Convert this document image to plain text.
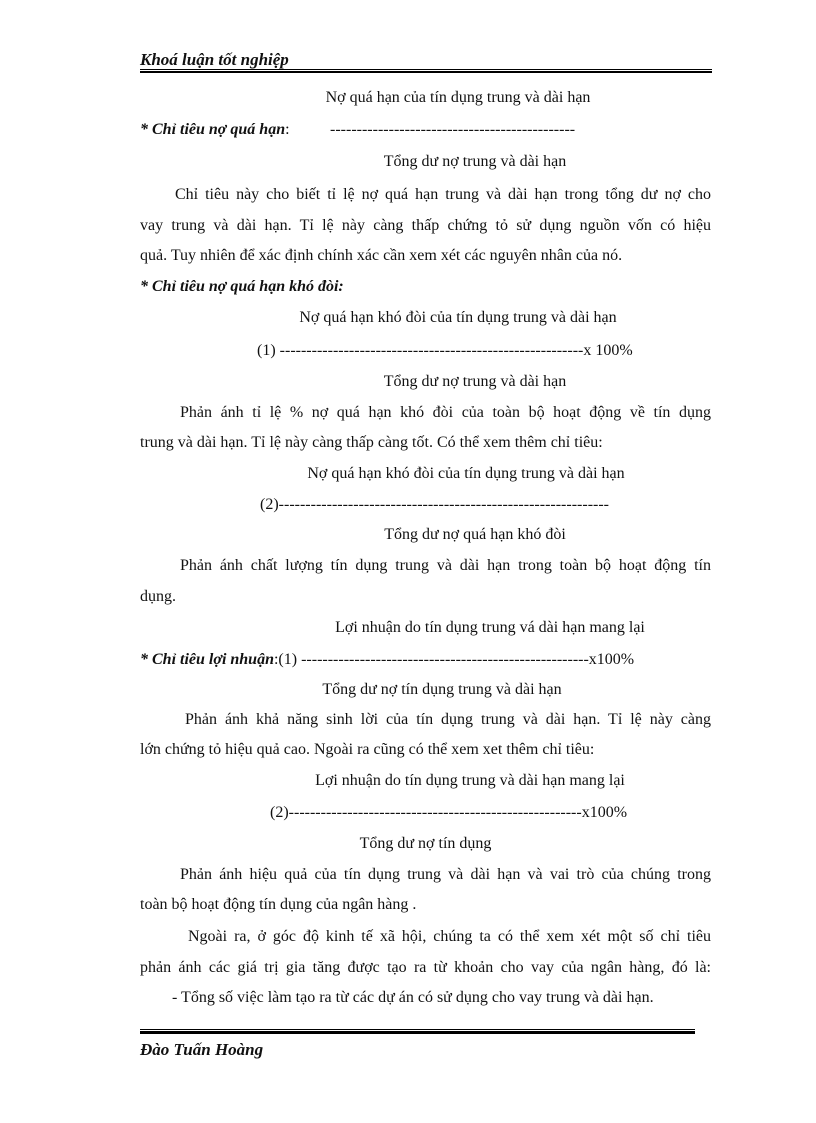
Khoá luận tốt nghiệp
Nợ quá hạn của tín dụng trung và dài hạn
* Chỉ tiêu nợ quá hạn:	----------------------------------------------
Tổng dư nợ trung và dài hạn
Chỉ tiêu này cho biết tỉ lệ nợ quá hạn trung và dài hạn trong tổng dư nợ cho
vay trung và dài hạn. Tỉ lệ này càng thấp chứng tỏ sử dụng nguồn vốn có hiệu
quả. Tuy nhiên để xác định chính xác cần xem xét các nguyên nhân của nó.
* Chỉ tiêu nợ quá hạn khó đòi:
Nợ quá hạn khó đòi của tín dụng trung và dài hạn
(1) ---------------------------------------------------------x 100%
Tổng dư nợ trung và dài hạn
Phản ánh tỉ lệ % nợ quá hạn khó đòi của toàn bộ hoạt động về tín dụng
trung và dài hạn. Tỉ lệ này càng thấp càng tốt. Có thể xem thêm chỉ tiêu:
Nợ quá hạn khó đòi của tín dụng trung và dài hạn
(2)--------------------------------------------------------------
Tổng dư nợ quá hạn khó đòi
Phản ánh chất lượng tín dụng trung và dài hạn trong toàn bộ hoạt động tín
dụng.
Lợi nhuận do tín dụng trung vá dài hạn mang lại
* Chỉ tiêu lợi nhuận:(1) ------------------------------------------------------x100%
Tổng dư nợ tín dụng trung và dài hạn
Phản ánh khả năng sinh lời của tín dụng trung và dài hạn. Tỉ lệ này càng
lớn chứng tỏ hiệu quả cao. Ngoài ra cũng có thể xem xet thêm chỉ tiêu:
Lợi nhuận do tín dụng trung và dài hạn mang lại
(2)-------------------------------------------------------x100%
Tổng dư nợ tín dụng
Phản ánh hiệu quả của tín dụng trung và dài hạn và vai trò của chúng trong
toàn bộ hoạt động tín dụng của ngân hàng .
Ngoài ra, ở góc độ kinh tế xã hội, chúng ta có thể xem xét một số chỉ tiêu
phản ánh các giá trị gia tăng được tạo ra từ khoản cho vay của ngân hàng, đó là:
- Tổng số việc làm tạo ra từ các dự án có sử dụng cho vay trung và dài hạn.
Đào Tuấn Hoàng
